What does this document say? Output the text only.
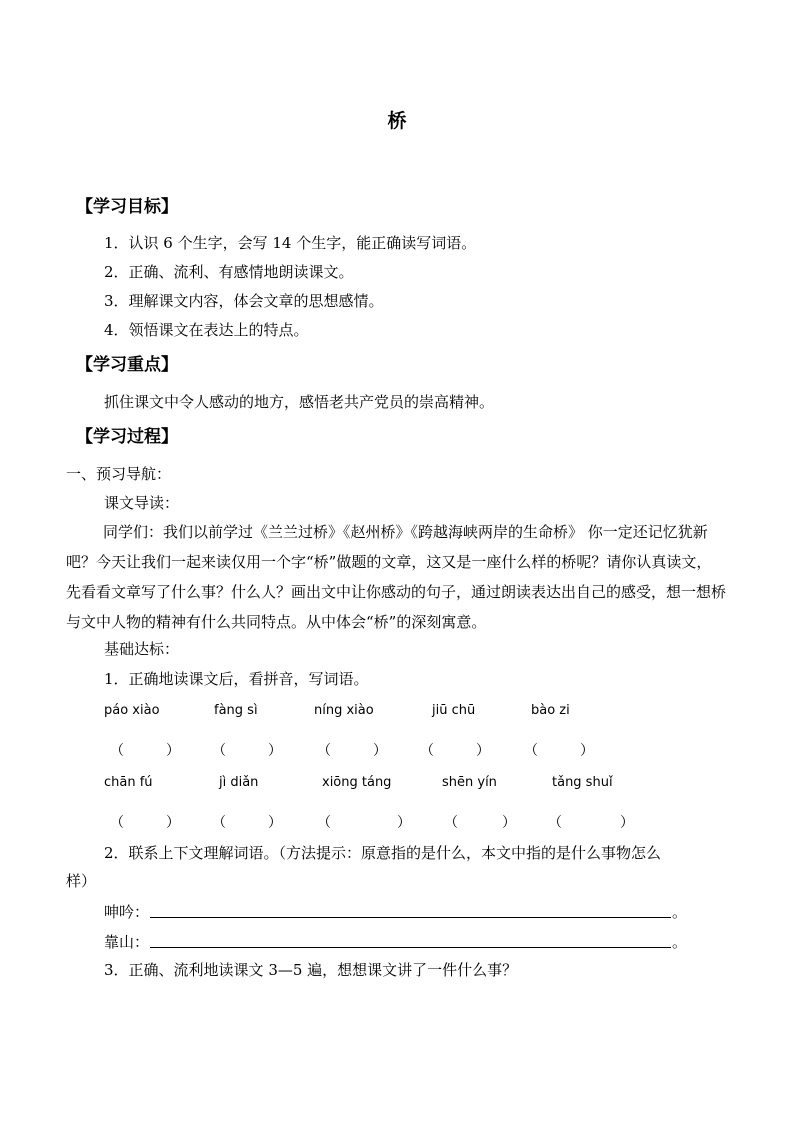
桥
【学习目标】
1．认识 6 个生字，会写 14 个生字，能正确读写词语。
2．正确、流利、有感情地朗读课文。
3．理解课文内容，体会文章的思想感情。
4．领悟课文在表达上的特点。
【学习重点】
抓住课文中令人感动的地方，感悟老共产党员的崇高精神。
【学习过程】
一、预习导航：
课文导读：
同学们：我们以前学过《兰兰过桥》《赵州桥》《跨越海峡两岸的生命桥》 你一定还记忆犹新吧？今天让我们一起来读仅用一个字“桥”做题的文章，这又是一座什么样的桥呢？请你认真读文，先看看文章写了什么事？什么人？画出文中让你感动的句子，通过朗读表达出自己的感受，想一想桥与文中人物的精神有什么共同特点。从中体会“桥”的深刻寓意。
基础达标：
1．正确地读课文后，看拼音，写词语。
páo xiào	fàng sì	níng xiào	jiū chū	bào zi
（	） （	）	（	） （	） （	）
chān fú	jì diǎn	xiōng táng	shēn yín	tǎng shuǐ
（	） （	）	（	） （	） （	）
2．联系上下文理解词语。（方法提示：原意指的是什么，本文中指的是什么事物怎么
样）
呻吟：	。
靠山：	。
3．正确、流利地读课文 3—5 遍，想想课文讲了一件什么事？
